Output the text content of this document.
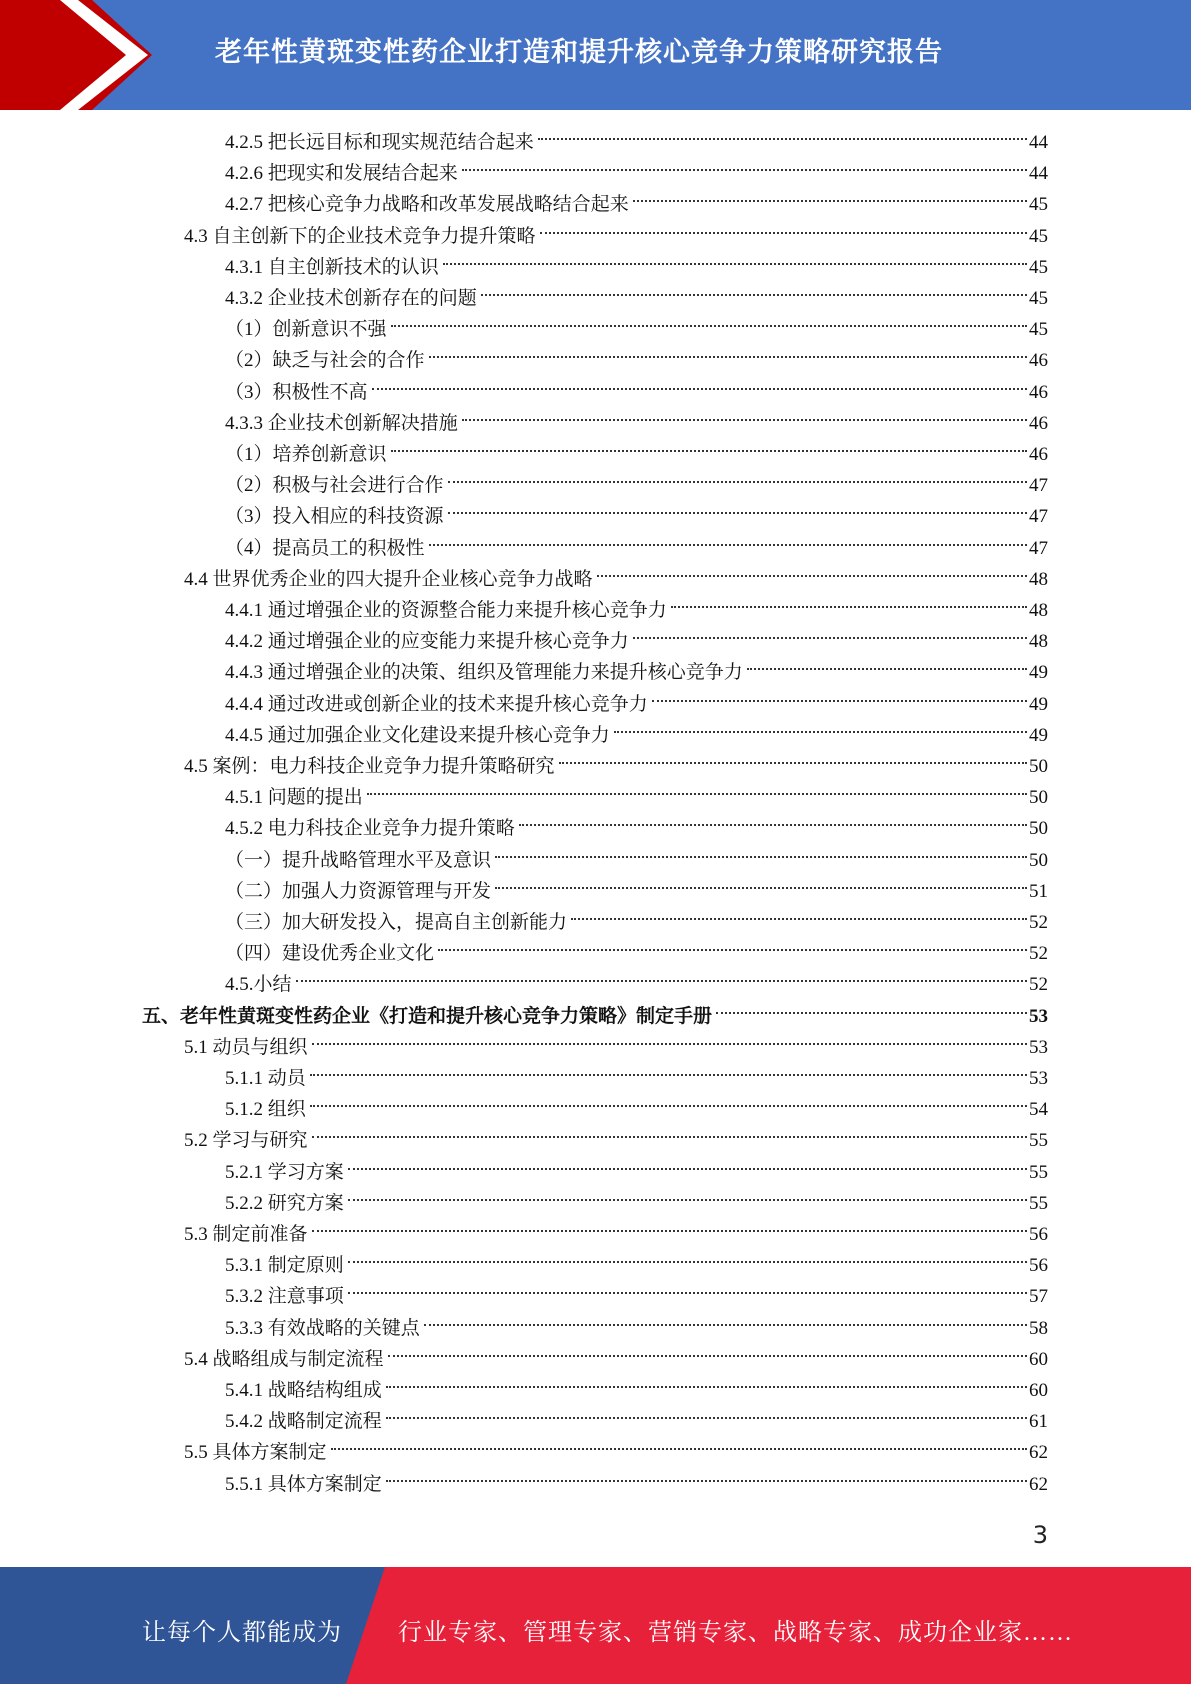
老年性黄斑变性药企业打造和提升核心竞争力策略研究报告
4.2.5 把长远目标和现实规范结合起来	44
4.2.6 把现实和发展结合起来	44
4.2.7 把核心竞争力战略和改革发展战略结合起来	45
4.3 自主创新下的企业技术竞争力提升策略	45
4.3.1 自主创新技术的认识	45
4.3.2 企业技术创新存在的问题	45
（1）创新意识不强	45
（2）缺乏与社会的合作	46
（3）积极性不高	46
4.3.3 企业技术创新解决措施	46
（1）培养创新意识	46
（2）积极与社会进行合作	47
（3）投入相应的科技资源	47
（4）提高员工的积极性	47
4.4 世界优秀企业的四大提升企业核心竞争力战略	48
4.4.1 通过增强企业的资源整合能力来提升核心竞争力	48
4.4.2 通过增强企业的应变能力来提升核心竞争力	48
4.4.3 通过增强企业的决策、组织及管理能力来提升核心竞争力	49
4.4.4 通过改进或创新企业的技术来提升核心竞争力	49
4.4.5 通过加强企业文化建设来提升核心竞争力	49
4.5 案例：电力科技企业竞争力提升策略研究	50
4.5.1 问题的提出	50
4.5.2 电力科技企业竞争力提升策略	50
（一）提升战略管理水平及意识	50
（二）加强人力资源管理与开发	51
（三）加大研发投入，提高自主创新能力	52
（四）建设优秀企业文化	52
4.5.小结	52
五、老年性黄斑变性药企业《打造和提升核心竞争力策略》制定手册	53
5.1 动员与组织	53
5.1.1 动员	53
5.1.2 组织	54
5.2 学习与研究	55
5.2.1 学习方案	55
5.2.2 研究方案	55
5.3 制定前准备	56
5.3.1 制定原则	56
5.3.2 注意事项	57
5.3.3 有效战略的关键点	58
5.4 战略组成与制定流程	60
5.4.1 战略结构组成	60
5.4.2 战略制定流程	61
5.5 具体方案制定	62
5.5.1 具体方案制定	62
3
让每个人都能成为 行业专家、管理专家、营销专家、战略专家、成功企业家……
